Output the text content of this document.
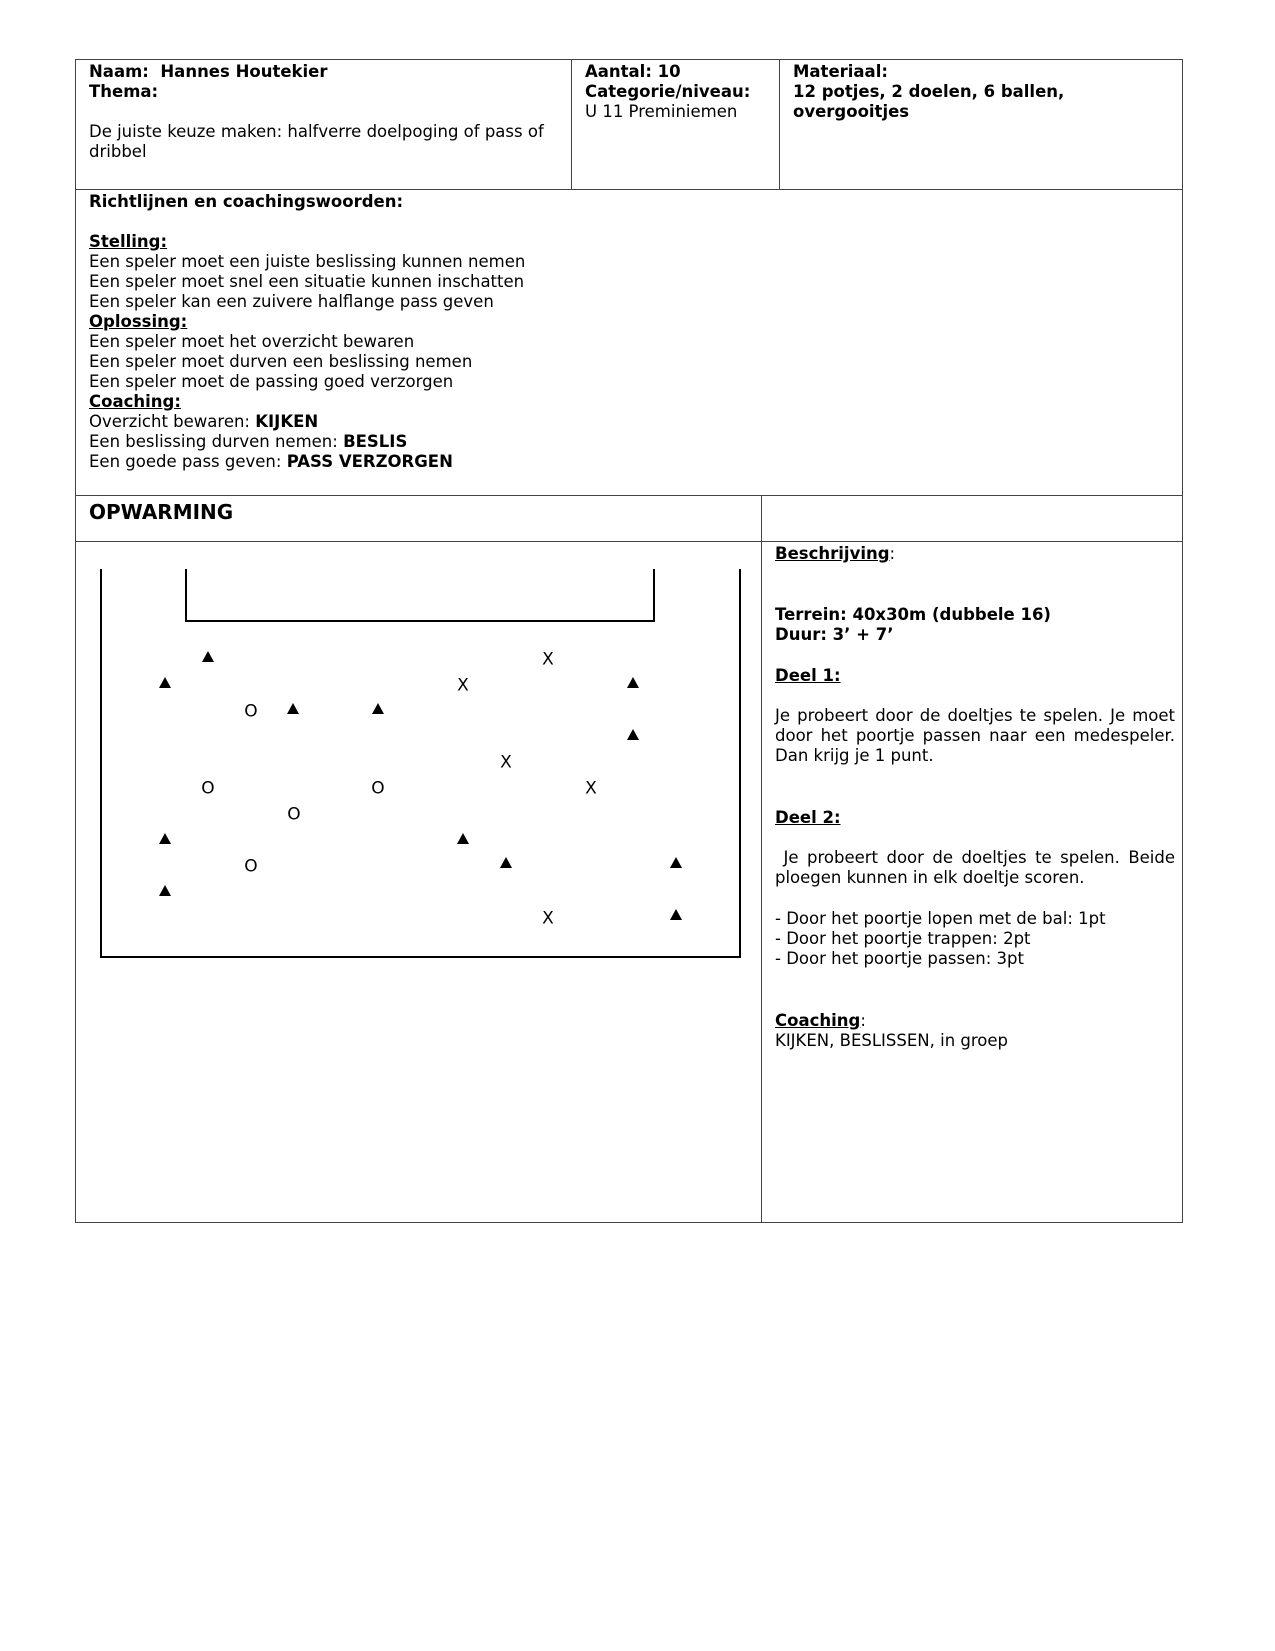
Naam: Hannes Houtekier
Thema:
De juiste keuze maken: halfverre doelpoging of pass of dribbel
Aantal: 10
Categorie/niveau:
U 11 Preminiemen
Materiaal:
12 potjes, 2 doelen, 6 ballen, overgooitjes
Richtlijnen en coachingswoorden:
Stelling:
Een speler moet een juiste beslissing kunnen nemen
Een speler moet snel een situatie kunnen inschatten
Een speler kan een zuivere halflange pass geven
Oplossing:
Een speler moet het overzicht bewaren
Een speler moet durven een beslissing nemen
Een speler moet de passing goed verzorgen
Coaching:
Overzicht bewaren: KIJKEN
Een beslissing durven nemen: BESLIS
Een goede pass geven: PASS VERZORGEN
OPWARMING
O
O	O
O
O
X
X
X
X
X
Beschrijving:
Terrein: 40x30m (dubbele 16)
Duur: 3’ + 7’
Deel 1:
Je probeert door de doeltjes te spelen. Je moet door het poortje passen naar een medespeler. Dan krijg je 1 punt.
Deel 2:
Je probeert door de doeltjes te spelen. Beide ploegen kunnen in elk doeltje scoren.
- Door het poortje lopen met de bal: 1pt
- Door het poortje trappen: 2pt
- Door het poortje passen: 3pt
Coaching:
KIJKEN, BESLISSEN, in groep
